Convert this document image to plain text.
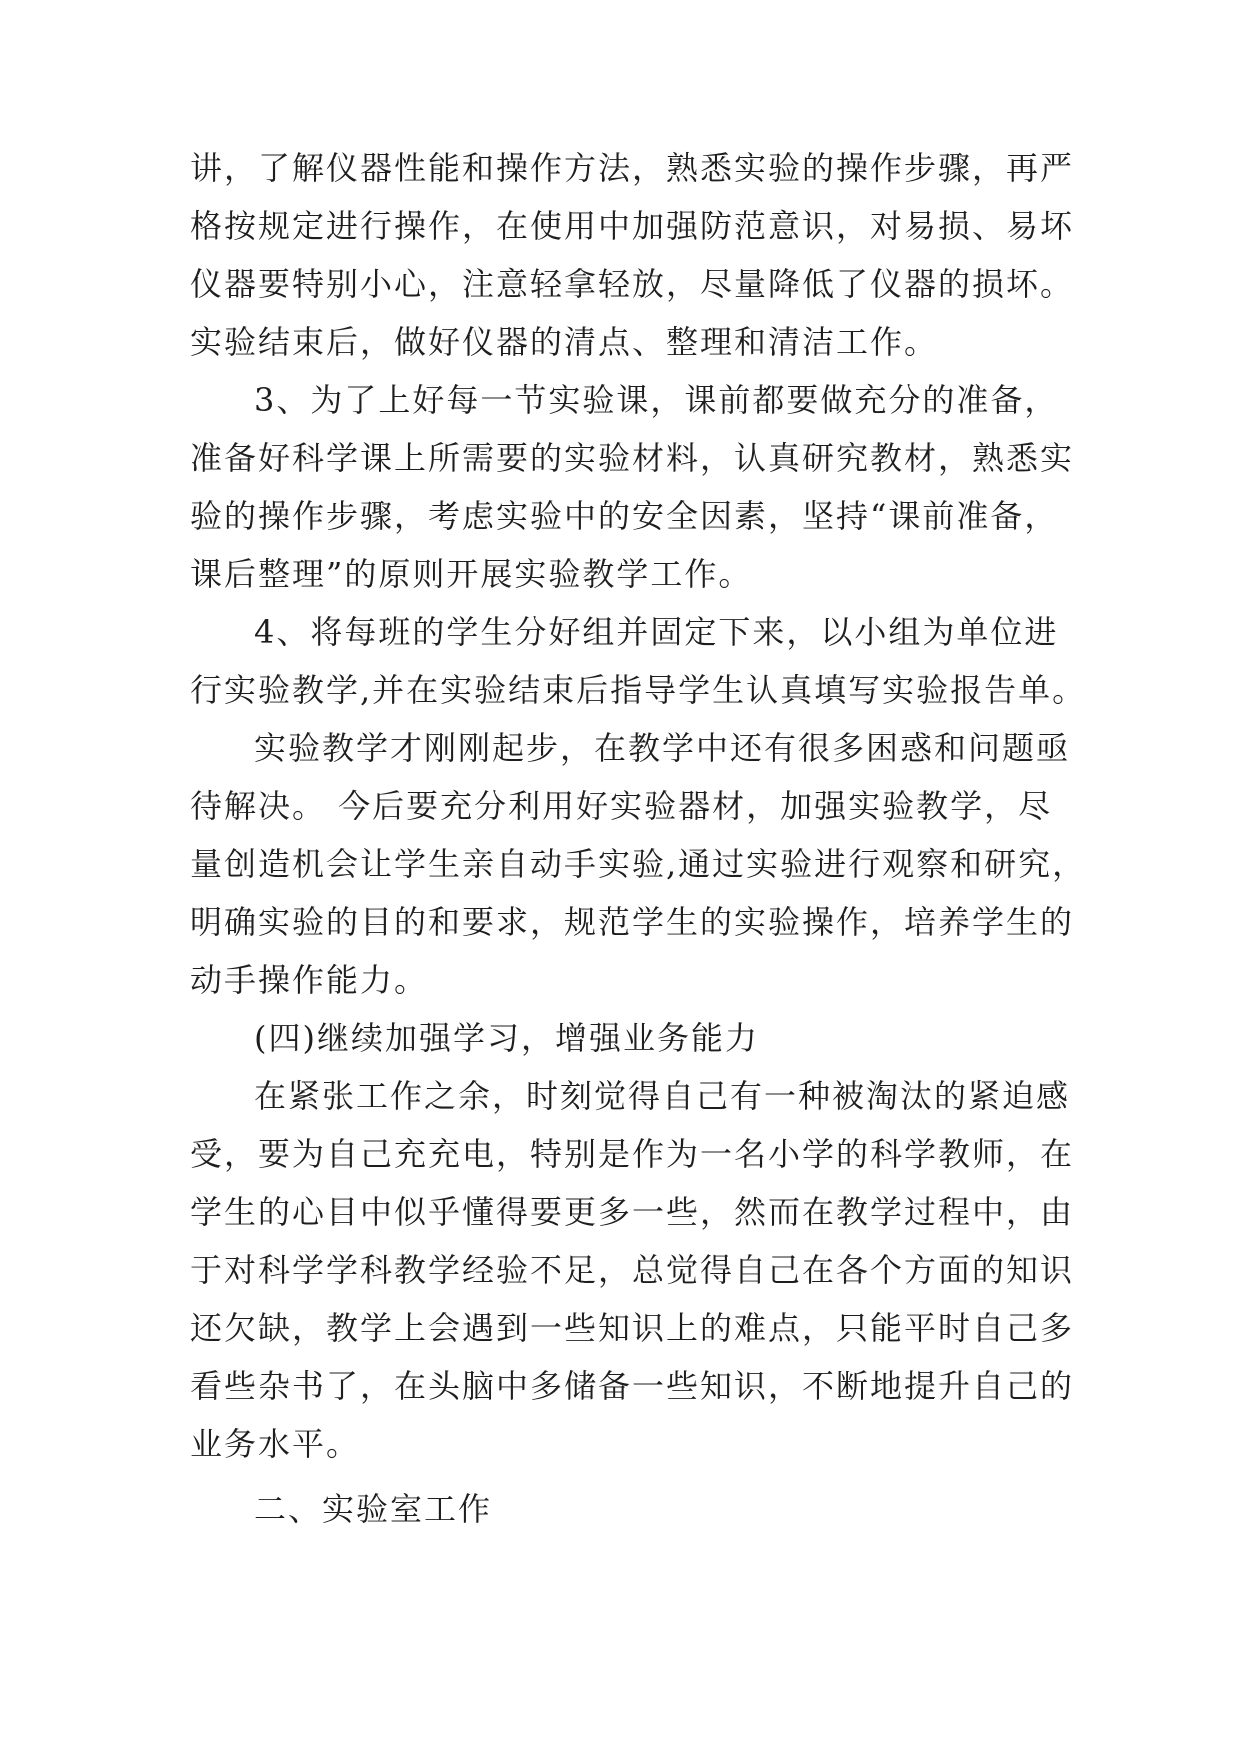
讲，了解仪器性能和操作方法，熟悉实验的操作步骤，再严
格按规定进行操作，在使用中加强防范意识，对易损、易坏
仪器要特别小心，注意轻拿轻放，尽量降低了仪器的损坏。
实验结束后，做好仪器的清点、整理和清洁工作。
3、为了上好每一节实验课，课前都要做充分的准备，
准备好科学课上所需要的实验材料，认真研究教材，熟悉实
验的操作步骤，考虑实验中的安全因素，坚持“课前准备，
课后整理”的原则开展实验教学工作。
4、将每班的学生分好组并固定下来，以小组为单位进
行实验教学,并在实验结束后指导学生认真填写实验报告单。
实验教学才刚刚起步，在教学中还有很多困惑和问题亟
待解决。 今后要充分利用好实验器材，加强实验教学，尽
量创造机会让学生亲自动手实验,通过实验进行观察和研究，
明确实验的目的和要求，规范学生的实验操作，培养学生的
动手操作能力。
(四)继续加强学习，增强业务能力
在紧张工作之余，时刻觉得自己有一种被淘汰的紧迫感
受，要为自己充充电，特别是作为一名小学的科学教师，在
学生的心目中似乎懂得要更多一些，然而在教学过程中，由
于对科学学科教学经验不足，总觉得自己在各个方面的知识
还欠缺，教学上会遇到一些知识上的难点，只能平时自己多
看些杂书了，在头脑中多储备一些知识，不断地提升自己的
业务水平。
二、实验室工作
